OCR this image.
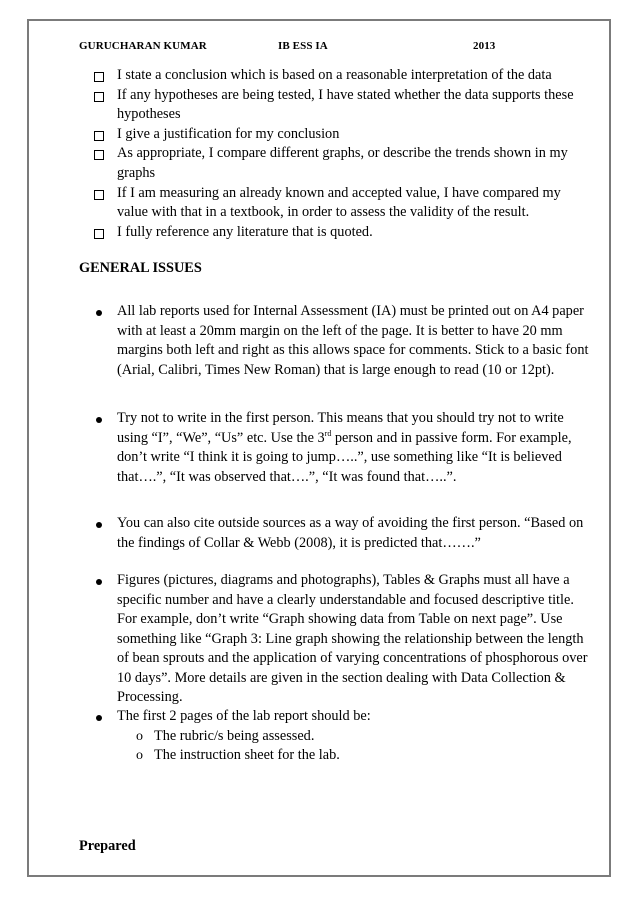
GURUCHARAN KUMAR	IB ESS IA	2013
I state a conclusion which is based on a reasonable interpretation of the data
If any hypotheses are being tested, I have stated whether the data supports these hypotheses
I give a justification for my conclusion
As appropriate, I compare different graphs, or describe the trends shown in my graphs
If I am measuring an already known and accepted value, I have compared my value with that in a textbook, in order to assess the validity of the result.
I fully reference any literature that is quoted.
GENERAL ISSUES
All lab reports used for Internal Assessment (IA) must be printed out on A4 paper with at least a 20mm margin on the left of the page. It is better to have 20 mm margins both left and right as this allows space for comments. Stick to a basic font (Arial, Calibri, Times New Roman) that is large enough to read (10 or 12pt).
Try not to write in the first person. This means that you should try not to write using “I”, “We”, “Us” etc. Use the 3rd person and in passive form. For example, don’t write “I think it is going to jump…..”, use something like “It is believed that….”, “It was observed that….”, “It was found that…..”.
You can also cite outside sources as a way of avoiding the first person. “Based on the findings of Collar & Webb (2008), it is predicted that…….”
Figures (pictures, diagrams and photographs), Tables & Graphs must all have a specific number and have a clearly understandable and focused descriptive title. For example, don’t write “Graph showing data from Table on next page”. Use something like “Graph 3: Line graph showing the relationship between the length of bean sprouts and the application of varying concentrations of phosphorous over 10 days”. More details are given in the section dealing with Data Collection & Processing.
The first 2 pages of the lab report should be:
o The rubric/s being assessed.
o The instruction sheet for the lab.
Prepared
